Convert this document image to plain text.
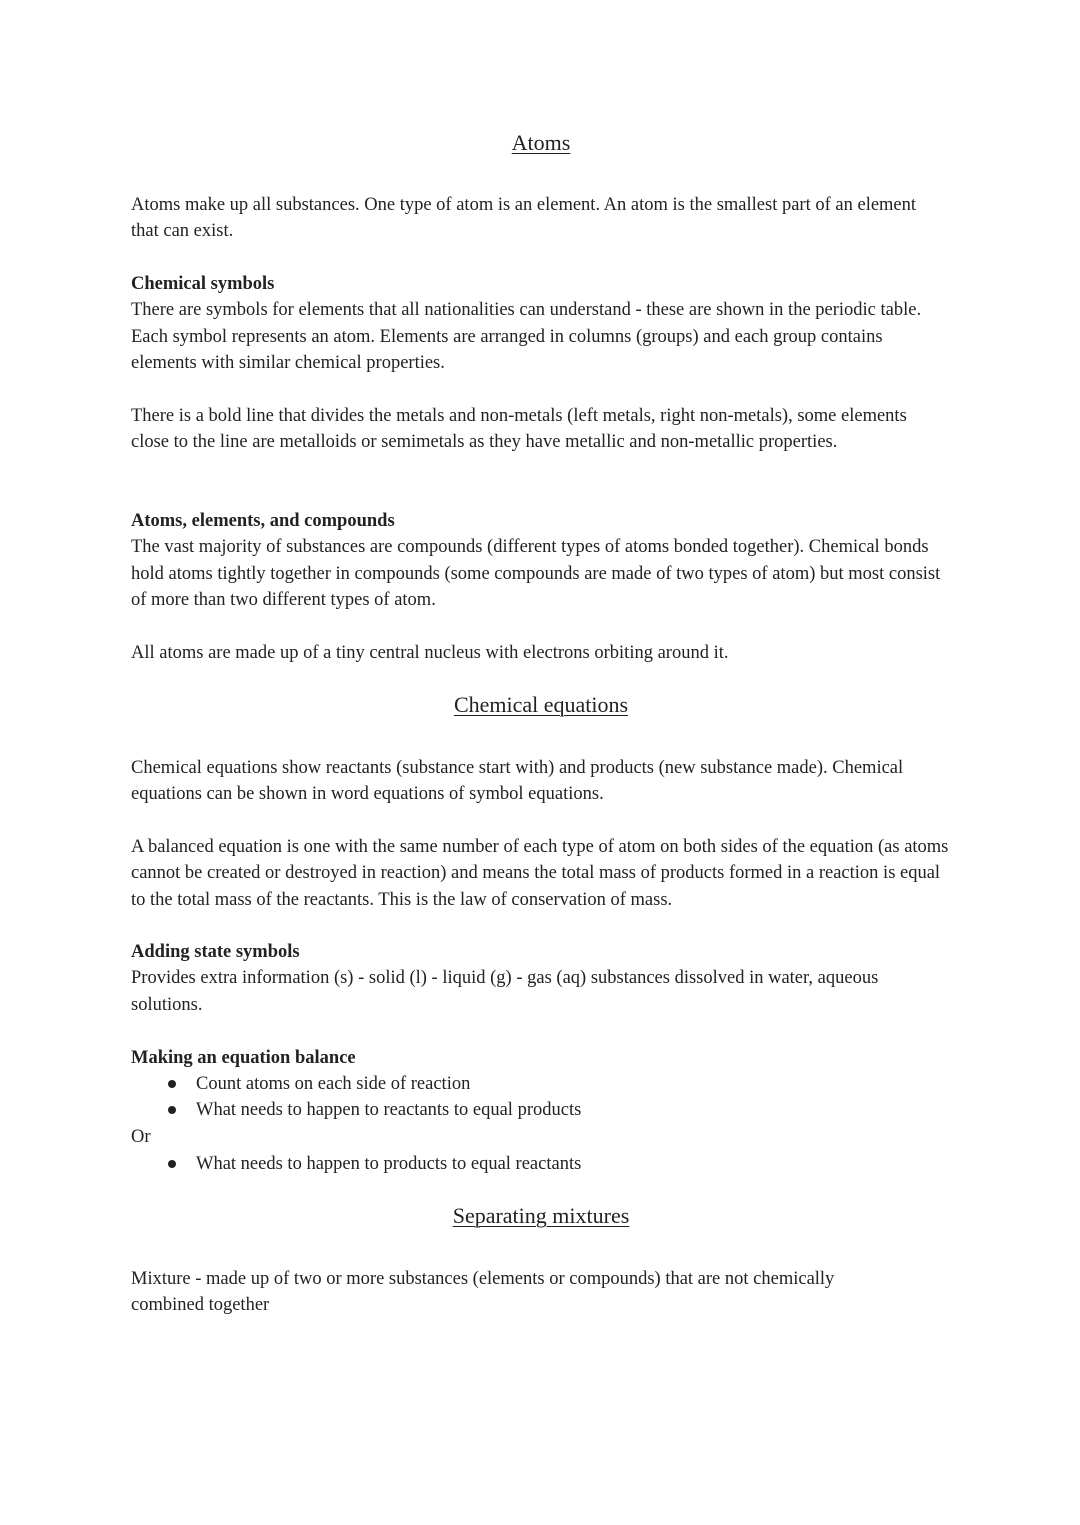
Atoms

Atoms make up all substances. One type of atom is an element. An atom is the smallest part of an element that can exist.

Chemical symbols
There are symbols for elements that all nationalities can understand - these are shown in the periodic table. Each symbol represents an atom. Elements are arranged in columns (groups) and each group contains elements with similar chemical properties.

There is a bold line that divides the metals and non-metals (left metals, right non-metals), some elements close to the line are metalloids or semimetals as they have metallic and non-metallic properties.

Atoms, elements, and compounds
The vast majority of substances are compounds (different types of atoms bonded together). Chemical bonds hold atoms tightly together in compounds (some compounds are made of two types of atom) but most consist of more than two different types of atom.

All atoms are made up of a tiny central nucleus with electrons orbiting around it.

Chemical equations

Chemical equations show reactants (substance start with) and products (new substance made). Chemical equations can be shown in word equations of symbol equations.

A balanced equation is one with the same number of each type of atom on both sides of the equation (as atoms cannot be created or destroyed in reaction) and means the total mass of products formed in a reaction is equal to the total mass of the reactants. This is the law of conservation of mass.

Adding state symbols
Provides extra information (s) - solid (l) - liquid (g) - gas (aq) substances dissolved in water, aqueous solutions.
Making an equation balance
Count atoms on each side of reaction
What needs to happen to reactants to equal products

Or

What needs to happen to products to equal reactants
Separating mixtures

Mixture - made up of two or more substances (elements or compounds) that are not chemically combined together
